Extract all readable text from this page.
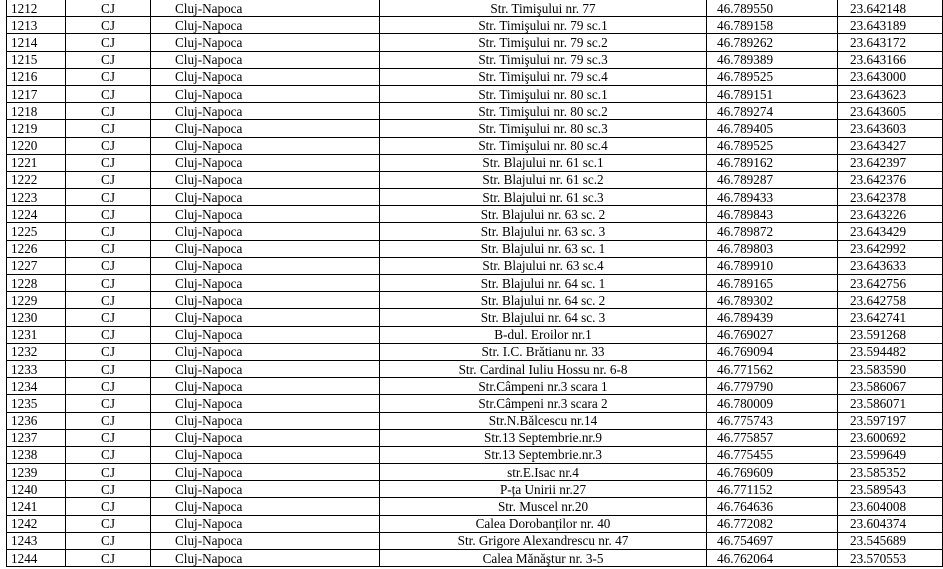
1212	CJ	Cluj-Napoca	Str. Timişului nr. 77	46.789550	23.642148
1213	CJ	Cluj-Napoca	Str. Timişului nr. 79 sc.1	46.789158	23.643189
1214	CJ	Cluj-Napoca	Str. Timişului nr. 79 sc.2	46.789262	23.643172
1215	CJ	Cluj-Napoca	Str. Timişului nr. 79 sc.3	46.789389	23.643166
1216	CJ	Cluj-Napoca	Str. Timişului nr. 79 sc.4	46.789525	23.643000
1217	CJ	Cluj-Napoca	Str. Timişului nr. 80 sc.1	46.789151	23.643623
1218	CJ	Cluj-Napoca	Str. Timişului nr. 80 sc.2	46.789274	23.643605
1219	CJ	Cluj-Napoca	Str. Timişului nr. 80 sc.3	46.789405	23.643603
1220	CJ	Cluj-Napoca	Str. Timişului nr. 80 sc.4	46.789525	23.643427
1221	CJ	Cluj-Napoca	Str. Blajului nr. 61 sc.1	46.789162	23.642397
1222	CJ	Cluj-Napoca	Str. Blajului nr. 61 sc.2	46.789287	23.642376
1223	CJ	Cluj-Napoca	Str. Blajului nr. 61 sc.3	46.789433	23.642378
1224	CJ	Cluj-Napoca	Str. Blajului nr. 63 sc. 2	46.789843	23.643226
1225	CJ	Cluj-Napoca	Str. Blajului nr. 63 sc. 3	46.789872	23.643429
1226	CJ	Cluj-Napoca	Str. Blajului nr. 63 sc. 1	46.789803	23.642992
1227	CJ	Cluj-Napoca	Str. Blajului nr. 63 sc.4	46.789910	23.643633
1228	CJ	Cluj-Napoca	Str. Blajului nr. 64 sc. 1	46.789165	23.642756
1229	CJ	Cluj-Napoca	Str. Blajului nr. 64 sc. 2	46.789302	23.642758
1230	CJ	Cluj-Napoca	Str. Blajului nr. 64 sc. 3	46.789439	23.642741
1231	CJ	Cluj-Napoca	B-dul. Eroilor nr.1	46.769027	23.591268
1232	CJ	Cluj-Napoca	Str. I.C. Brătianu nr. 33	46.769094	23.594482
1233	CJ	Cluj-Napoca	Str. Cardinal Iuliu Hossu nr. 6-8	46.771562	23.583590
1234	CJ	Cluj-Napoca	Str.Câmpeni nr.3 scara 1	46.779790	23.586067
1235	CJ	Cluj-Napoca	Str.Câmpeni nr.3 scara 2	46.780009	23.586071
1236	CJ	Cluj-Napoca	Str.N.Bălcescu nr.14	46.775743	23.597197
1237	CJ	Cluj-Napoca	Str.13 Septembrie.nr.9	46.775857	23.600692
1238	CJ	Cluj-Napoca	Str.13 Septembrie.nr.3	46.775455	23.599649
1239	CJ	Cluj-Napoca	str.E.Isac nr.4	46.769609	23.585352
1240	CJ	Cluj-Napoca	P-ța Unirii nr.27	46.771152	23.589543
1241	CJ	Cluj-Napoca	Str. Muscel nr.20	46.764636	23.604008
1242	CJ	Cluj-Napoca	Calea Dorobanților nr. 40	46.772082	23.604374
1243	CJ	Cluj-Napoca	Str. Grigore Alexandrescu nr. 47	46.754697	23.545689
1244	CJ	Cluj-Napoca	Calea Mănăştur nr. 3-5	46.762064	23.570553
